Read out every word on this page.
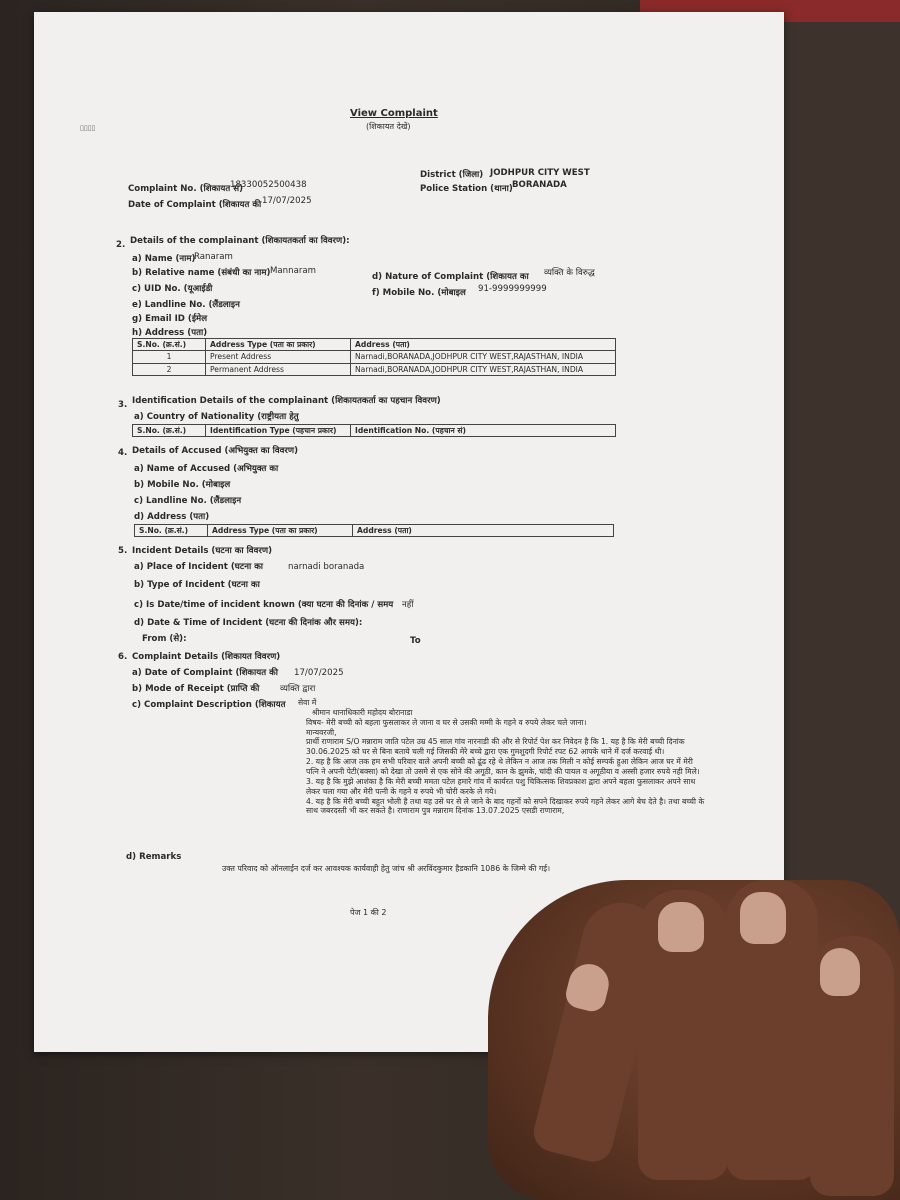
▯▯▯▯
View Complaint
(शिकायत देखें)
Complaint No. (शिकायत सं)
18330052500438
Date of Complaint (शिकायत की 17/07/2025
District (जिला) JODHPUR CITY WEST
Police Station (थाना) BORANADA
2. Details of the complainant (शिकायतकर्ता का विवरण):
a) Name (नाम)
Ranaram
b) Relative name (संबंधी का नाम) Mannaram
c) UID No. (यूआईडी
d) Nature of Complaint (शिकायत का व्यक्ति के विरुद्ध
e) Landline No. (लैंडलाइन
f) Mobile No. (मोबाइल 91-9999999999
g) Email ID (ईमेल
h) Address (पता)
S.No. (क्र.सं.)	Address Type (पता का प्रकार)	Address (पता)
1	Present Address	Narnadi,BORANADA,JODHPUR CITY WEST,RAJASTHAN, INDIA
2	Permanent Address	Narnadi,BORANADA,JODHPUR CITY WEST,RAJASTHAN, INDIA
3. Identification Details of the complainant (शिकायतकर्ता का पहचान विवरण)
a) Country of Nationality (राष्ट्रीयता हेतु
S.No. (क्र.सं.)	Identification Type (पहचान प्रकार)	Identification No. (पहचान सं)
4. Details of Accused (अभियुक्त का विवरण)
a) Name of Accused (अभियुक्त का
b) Mobile No. (मोबाइल
c) Landline No. (लैंडलाइन
d) Address (पता)
S.No. (क्र.सं.)	Address Type (पता का प्रकार)	Address (पता)
5. Incident Details (घटना का विवरण)
a) Place of Incident (घटना का	narnadi boranada
b) Type of Incident (घटना का
c) Is Date/time of incident known (क्या घटना की दिनांक / समय नहीं
d) Date & Time of Incident (घटना की दिनांक और समय):
From (से):	To
6. Complaint Details (शिकायत विवरण)
a) Date of Complaint (शिकायत की 17/07/2025
b) Mode of Receipt (प्राप्ति की व्यक्ति द्वारा
c) Complaint Description (शिकायत सेवा में

श्रीमान थानाधिकारी महोदय बोरानाडा

विषय- मेरी बच्ची को बहला फुसलाकर ले जाना व घर से उसकी मम्मी के गहने व रुपये लेकर चले जाना।

मान्यवरजी,

प्रार्थी राणाराम S/O मन्नाराम जाति पटेल उम्र 45 साल गांव नारनाडी की और से रिपोर्ट पेश कर निवेदन है कि 1. यह है कि मेरी बच्ची दिनांक 30.06.2025 को घर से बिना बताये चली गई जिसकी मेरे बच्चे द्वारा एक गुमशुदगी रिपोर्ट रपट 62 आपके थाने में दर्ज करवाई थी।

2. यह है कि आज तक हम सभी परिवार वाले अपनी बच्ची को ढूंढ रहे थे लेकिन न आज तक मिली न कोई सम्पर्क हुआ लेकिन आज घर में मेरी पत्नि ने अपनी पेटी(बक्सा) को देखा तो उसमे से एक सोने की अगूठी, कान के झुमके, चांदी की पायल व अगूठीया व अस्सी हजार रुपये नही मिले।

3. यह है कि मुझे आशंका है कि मेरी बच्ची ममता पटेल हमारे गांव में कार्यरत पशु चिकित्सक शिवप्रकाश द्वारा अपने बहला फुसलाकर अपने साथ लेकर चला गया और मेरी पत्नी के गहने व रुपये भी चोरी करके ले गये।

4. यह है कि मेरी बच्ची बहुत भोली है तथा यह उसे घर से ले जाने के बाद गहनों को सपने दिखाकर रुपये गहने लेकर आगे बेच देते है। तथा बच्ची के साथ जबरदस्ती भी कर सकते है। राणाराम पुत्र मन्नाराम दिनांक 13.07.2025 एसडी राणाराम,

d) Remarks
उक्त परिवाद को ऑनलाईन दर्ज कर आवश्यक कार्यवाही हेतु जांच श्री अरविंदकुमार हैडकानि 1086 के जिम्मे की गई।
पेज 1 की 2
